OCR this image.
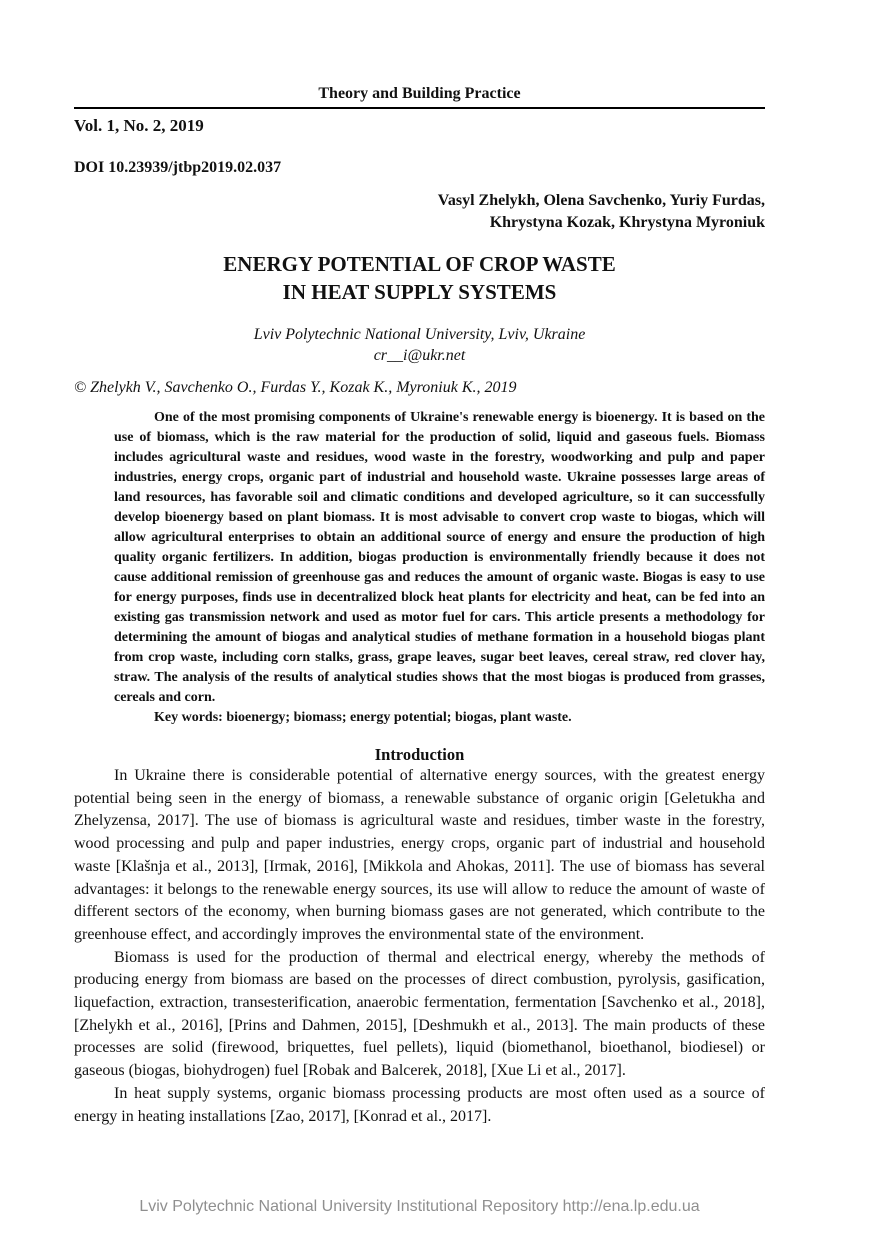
Theory and Building Practice
Vol. 1, No. 2, 2019
DOI 10.23939/jtbp2019.02.037
Vasyl Zhelykh, Olena Savchenko, Yuriy Furdas,
Khrystyna Kozak, Khrystyna Myroniuk
ENERGY POTENTIAL OF CROP WASTE
IN HEAT SUPPLY SYSTEMS
Lviv Polytechnic National University, Lviv, Ukraine
cr__i@ukr.net
© Zhelykh V., Savchenko O., Furdas Y., Kozak K., Myroniuk K., 2019

One of the most promising components of Ukraine's renewable energy is bioenergy. It is based on the use of biomass, which is the raw material for the production of solid, liquid and gaseous fuels. Biomass includes agricultural waste and residues, wood waste in the forestry, woodworking and pulp and paper industries, energy crops, organic part of industrial and household waste. Ukraine possesses large areas of land resources, has favorable soil and climatic conditions and developed agriculture, so it can successfully develop bioenergy based on plant biomass. It is most advisable to convert crop waste to biogas, which will allow agricultural enterprises to obtain an additional source of energy and ensure the production of high quality organic fertilizers. In addition, biogas production is environmentally friendly because it does not cause additional remission of greenhouse gas and reduces the amount of organic waste. Biogas is easy to use for energy purposes, finds use in decentralized block heat plants for electricity and heat, can be fed into an existing gas transmission network and used as motor fuel for cars. This article presents a methodology for determining the amount of biogas and analytical studies of methane formation in a household biogas plant from crop waste, including corn stalks, grass, grape leaves, sugar beet leaves, cereal straw, red clover hay, straw. The analysis of the results of analytical studies shows that the most biogas is produced from grasses, cereals and corn.

Key words: bioenergy; biomass; energy potential; biogas, plant waste.

Introduction

In Ukraine there is considerable potential of alternative energy sources, with the greatest energy potential being seen in the energy of biomass, a renewable substance of organic origin [Geletukha and Zhelyzensa, 2017]. The use of biomass is agricultural waste and residues, timber waste in the forestry, wood processing and pulp and paper industries, energy crops, organic part of industrial and household waste [Klašnja et al., 2013], [Irmak, 2016], [Mikkola and Ahokas, 2011]. The use of biomass has several advantages: it belongs to the renewable energy sources, its use will allow to reduce the amount of waste of different sectors of the economy, when burning biomass gases are not generated, which contribute to the greenhouse effect, and accordingly improves the environmental state of the environment.

Biomass is used for the production of thermal and electrical energy, whereby the methods of producing energy from biomass are based on the processes of direct combustion, pyrolysis, gasification, liquefaction, extraction, transesterification, anaerobic fermentation, fermentation [Savchenko et al., 2018], [Zhelykh et al., 2016], [Prins and Dahmen, 2015], [Deshmukh et al., 2013]. The main products of these processes are solid (firewood, briquettes, fuel pellets), liquid (biomethanol, bioethanol, biodiesel) or gaseous (biogas, biohydrogen) fuel [Robak and Balcerek, 2018], [Xue Li et al., 2017].

In heat supply systems, organic biomass processing products are most often used as a source of energy in heating installations [Zao, 2017], [Konrad et al., 2017].

Lviv Polytechnic National University Institutional Repository http://ena.lp.edu.ua
